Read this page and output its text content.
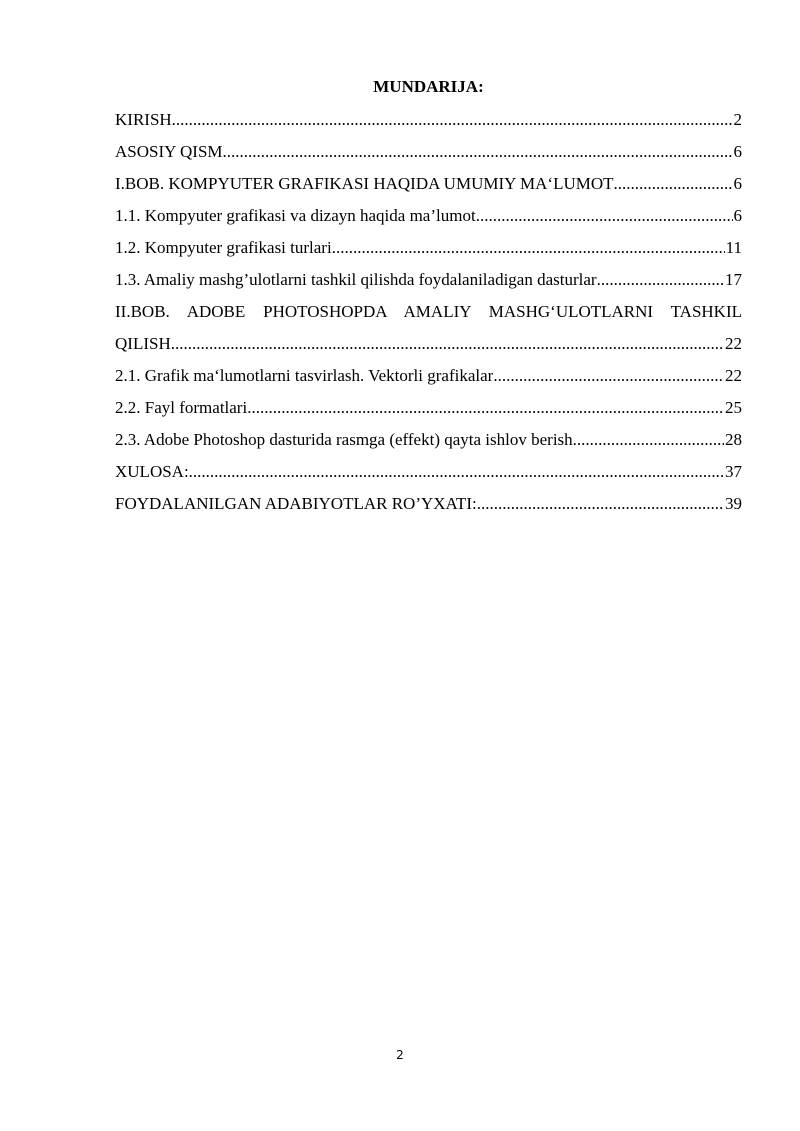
MUNDARIJA:
KIRISH .....	2
ASOSIY QISM .....	6
I.BOB. KOMPYUTER GRAFIKASI HAQIDA UMUMIY MA‘LUMOT .....	6
1.1. Kompyuter grafikasi va dizayn haqida ma’lumot .....	6
1.2. Kompyuter grafikasi turlari .....	11
1.3. Amaliy mashg’ulotlarni tashkil qilishda foydalaniladigan dasturlar .....	17
II.BOB. ADOBE PHOTOSHOPDA AMALIY MASHG‘ULOTLARNI TASHKIL
QILISH .....	22
2.1. Grafik ma‘lumotlarni tasvirlash. Vektorli grafikalar .....	22
2.2. Fayl formatlari .....	25
2.3. Adobe Photoshop dasturida rasmga (effekt) qayta ishlov berish .....	28
XULOSA: .....	37
FOYDALANILGAN ADABIYOTLAR RO’YXATI: .....	39
2
